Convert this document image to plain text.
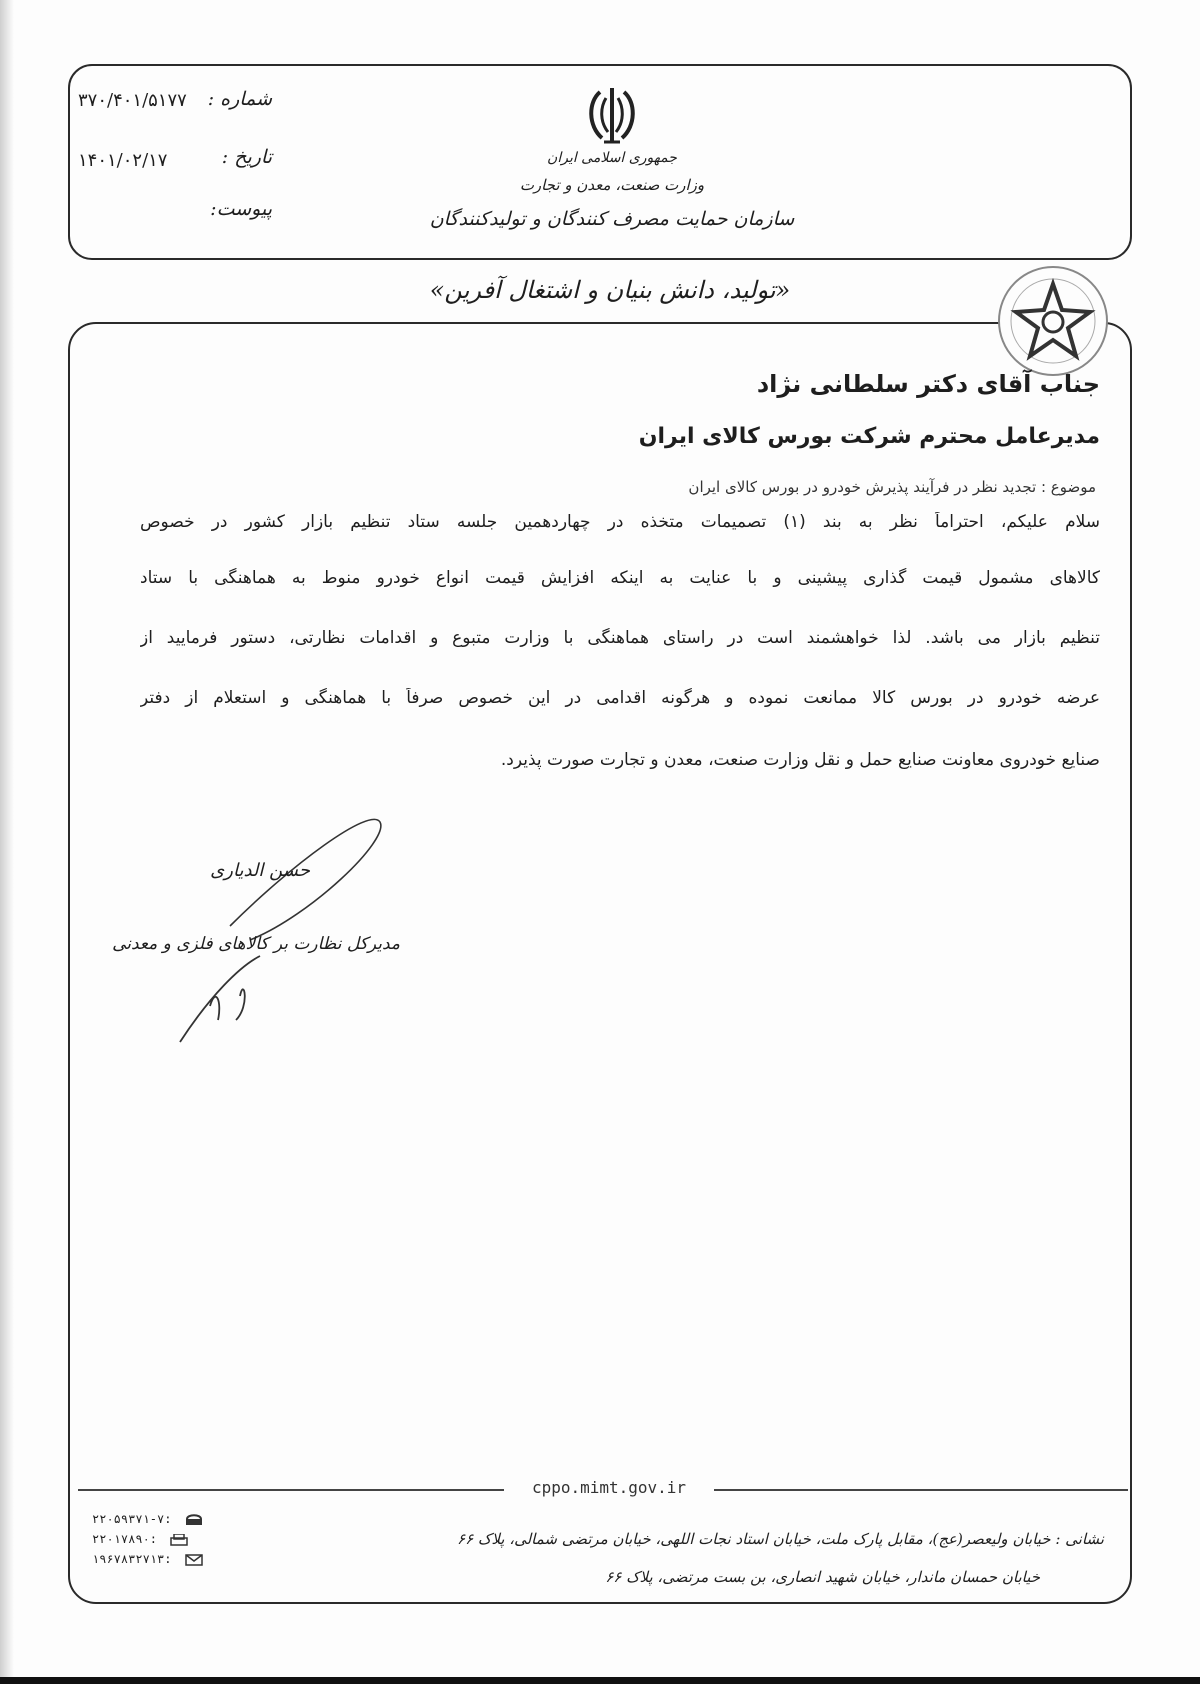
شماره :
۳۷۰/۴۰۱/۵۱۷۷
تاریخ :
۱۴۰۱/۰۲/۱۷
پیوست:
جمهوری اسلامی ایران
وزارت صنعت، معدن و تجارت
سازمان حمایت مصرف کنندگان و تولیدکنندگان
«تولید، دانش بنیان و اشتغال آفرین»
جناب آقای دکتر سلطانی نژاد
مدیرعامل محترم شرکت بورس کالای ایران
موضوع : تجدید نظر در فرآیند پذیرش خودرو در بورس کالای ایران
سلام علیکم، احتراماً نظر به بند (۱) تصمیمات متخذه در چهاردهمین جلسه ستاد تنظیم بازار کشور در خصوص
کالاهای مشمول قیمت گذاری پیشینی و با عنایت به اینکه افزایش قیمت انواع خودرو منوط به هماهنگی با ستاد
تنظیم بازار می باشد. لذا خواهشمند است در راستای هماهنگی با وزارت متبوع و اقدامات نظارتی، دستور فرمایید از
عرضه خودرو در بورس کالا ممانعت نموده و هرگونه اقدامی در این خصوص صرفاً با هماهنگی و استعلام از دفتر
صنایع خودروی معاونت صنایع حمل و نقل وزارت صنعت، معدن و تجارت صورت پذیرد.
حسن الدیاری
مدیرکل نظارت بر کالاهای فلزی و معدنی
cppo.mimt.gov.ir
نشانی : خیابان ولیعصر(عج)، مقابل پارک ملت، خیابان استاد نجات اللهی، خیابان مرتضی شمالی، پلاک ۶۶
خیابان حمسان ماندار، خیابان شهید انصاری، بن بست مرتضی، پلاک ۶۶
۲۲۰۵۹۳۷۱-۷:
۲۲۰۱۷۸۹۰:
۱۹۶۷۸۳۲۷۱۳:
